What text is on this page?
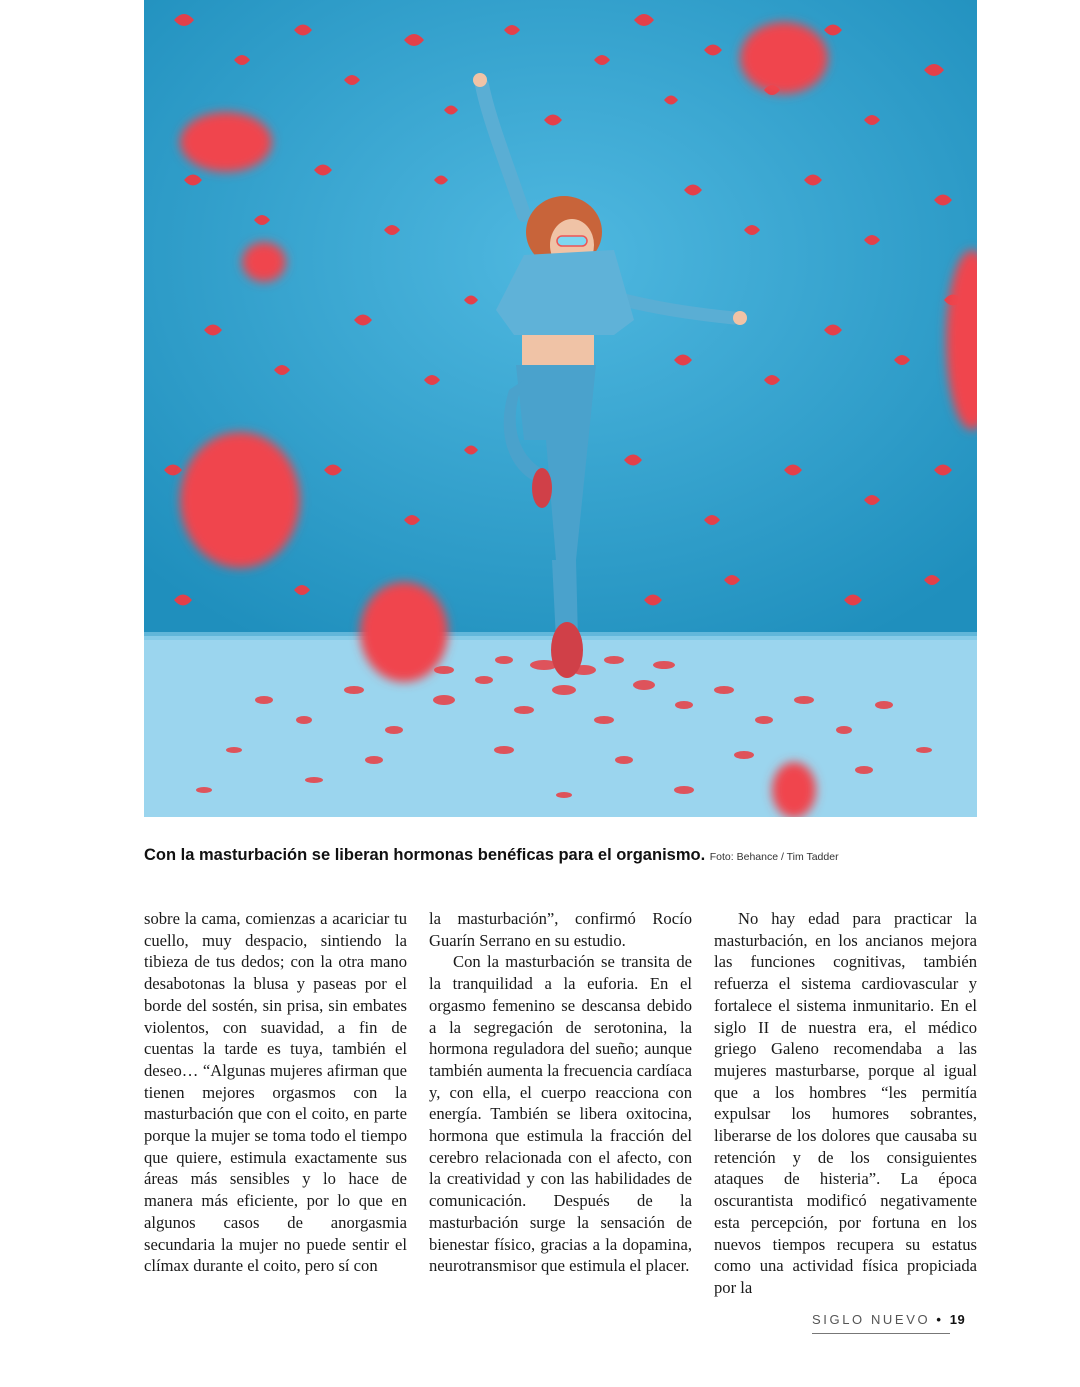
Con la masturbación se liberan hormonas benéficas para el organismo. Foto: Behance / Tim Tadder

sobre la cama, comienzas a acariciar tu cuello, muy despacio, sintiendo la tibieza de tus dedos; con la otra mano desabotonas la blusa y paseas por el borde del sostén, sin prisa, sin embates violentos, con suavidad, a fin de cuentas la tarde es tuya, también el deseo… “Algunas mujeres afirman que tienen mejores orgasmos con la masturbación que con el coito, en parte porque la mujer se toma todo el tiempo que quiere, estimula exactamente sus áreas más sensibles y lo hace de manera más eficiente, por lo que en algunos casos de anorgasmia secundaria la mujer no puede sentir el clímax durante el coito, pero sí con

la masturbación”, confirmó Rocío Guarín Serrano en su estudio.

Con la masturbación se transita de la tranquilidad a la euforia. En el orgasmo femenino se descansa debido a la segregación de serotonina, la hormona reguladora del sueño; aunque también aumenta la frecuencia cardíaca y, con ella, el cuerpo reacciona con energía. También se libera oxitocina, hormona que estimula la fracción del cerebro relacionada con el afecto, con la creatividad y con las habilidades de comunicación. Después de la masturbación surge la sensación de bienestar físico, gracias a la dopamina, neurotransmisor que estimula el placer.

No hay edad para practicar la masturbación, en los ancianos mejora las funciones cognitivas, también refuerza el sistema cardiovascular y fortalece el sistema inmunitario. En el siglo II de nuestra era, el médico griego Galeno recomendaba a las mujeres masturbarse, porque al igual que a los hombres “les permitía expulsar los humores sobrantes, liberarse de los dolores que causaba su retención y de los consiguientes ataques de histeria”. La época oscurantista modificó negativamente esta percepción, por fortuna en los nuevos tiempos recupera su estatus como una actividad física propiciada por la

SIGLO NUEVO • 19
